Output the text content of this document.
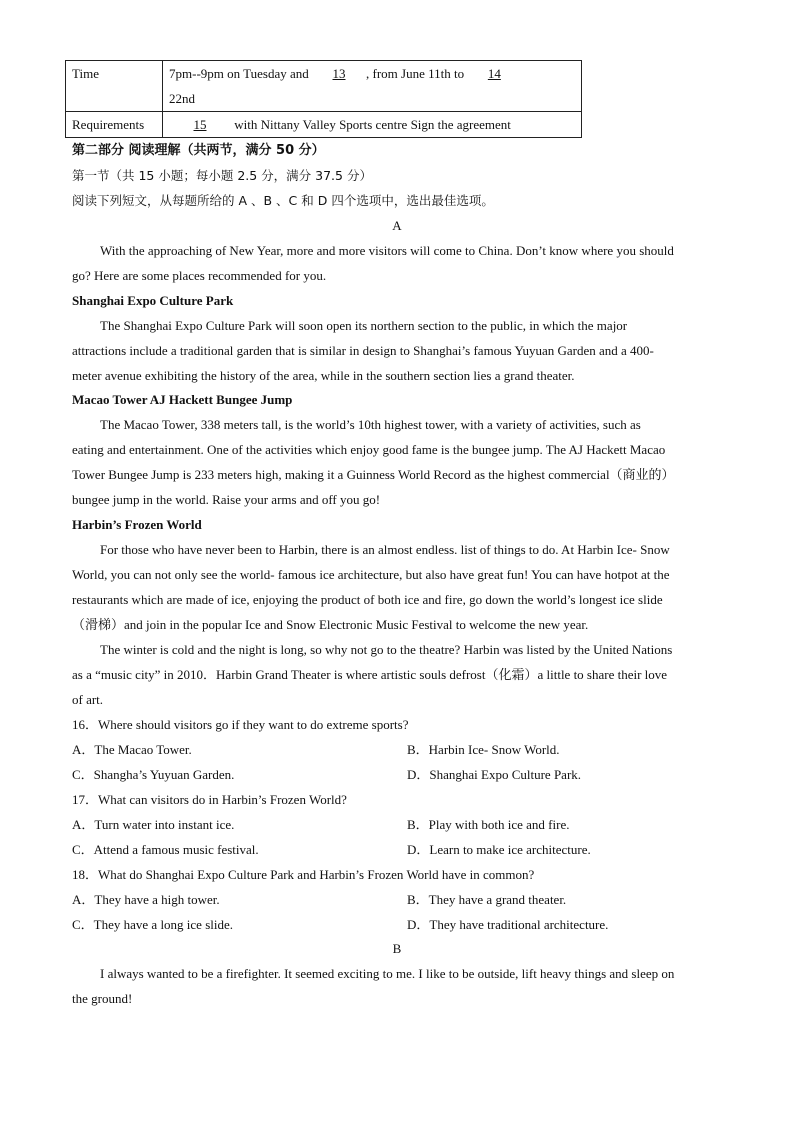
Time	7pm--9pm on Tuesday and 13 , from June 11th to 14
22nd
Requirements	15 with Nittany Valley Sports centre Sign the agreement
第二部分 阅读理解（共两节，满分 50 分）
第一节（共 15 小题；每小题 2.5 分，满分 37.5 分）
阅读下列短文，从每题所给的 A 、B 、C 和 D 四个选项中，选出最佳选项。
A
With the approaching of New Year, more and more visitors will come to China. Don’t know where you should
go? Here are some places recommended for you.
Shanghai Expo Culture Park
The Shanghai Expo Culture Park will soon open its northern section to the public, in which the major
attractions include a traditional garden that is similar in design to Shanghai’s famous Yuyuan Garden and a 400-
meter avenue exhibiting the history of the area, while in the southern section lies a grand theater.
Macao Tower AJ Hackett Bungee Jump
The Macao Tower, 338 meters tall, is the world’s 10th highest tower, with a variety of activities, such as
eating and entertainment. One of the activities which enjoy good fame is the bungee jump. The AJ Hackett Macao
Tower Bungee Jump is 233 meters high, making it a Guinness World Record as the highest commercial（商业的）
bungee jump in the world. Raise your arms and off you go!
Harbin’s Frozen World
For those who have never been to Harbin, there is an almost endless. list of things to do. At Harbin Ice- Snow
World, you can not only see the world- famous ice architecture, but also have great fun! You can have hotpot at the
restaurants which are made of ice, enjoying the product of both ice and fire, go down the world’s longest ice slide
（滑梯）and join in the popular Ice and Snow Electronic Music Festival to welcome the new year.
The winter is cold and the night is long, so why not go to the theatre? Harbin was listed by the United Nations
as a “music city” in 2010．Harbin Grand Theater is where artistic souls defrost（化霜）a little to share their love
of art.
16．Where should visitors go if they want to do extreme sports?
A．The Macao Tower.	B．Harbin Ice- Snow World.
C．Shangha’s Yuyuan Garden.	D．Shanghai Expo Culture Park.
17．What can visitors do in Harbin’s Frozen World?
A．Turn water into instant ice.	B．Play with both ice and fire.
C．Attend a famous music festival.	D．Learn to make ice architecture.
18．What do Shanghai Expo Culture Park and Harbin’s Frozen World have in common?
A．They have a high tower.	B．They have a grand theater.
C．They have a long ice slide.	D．They have traditional architecture.
B
I always wanted to be a firefighter. It seemed exciting to me. I like to be outside, lift heavy things and sleep on
the ground!
